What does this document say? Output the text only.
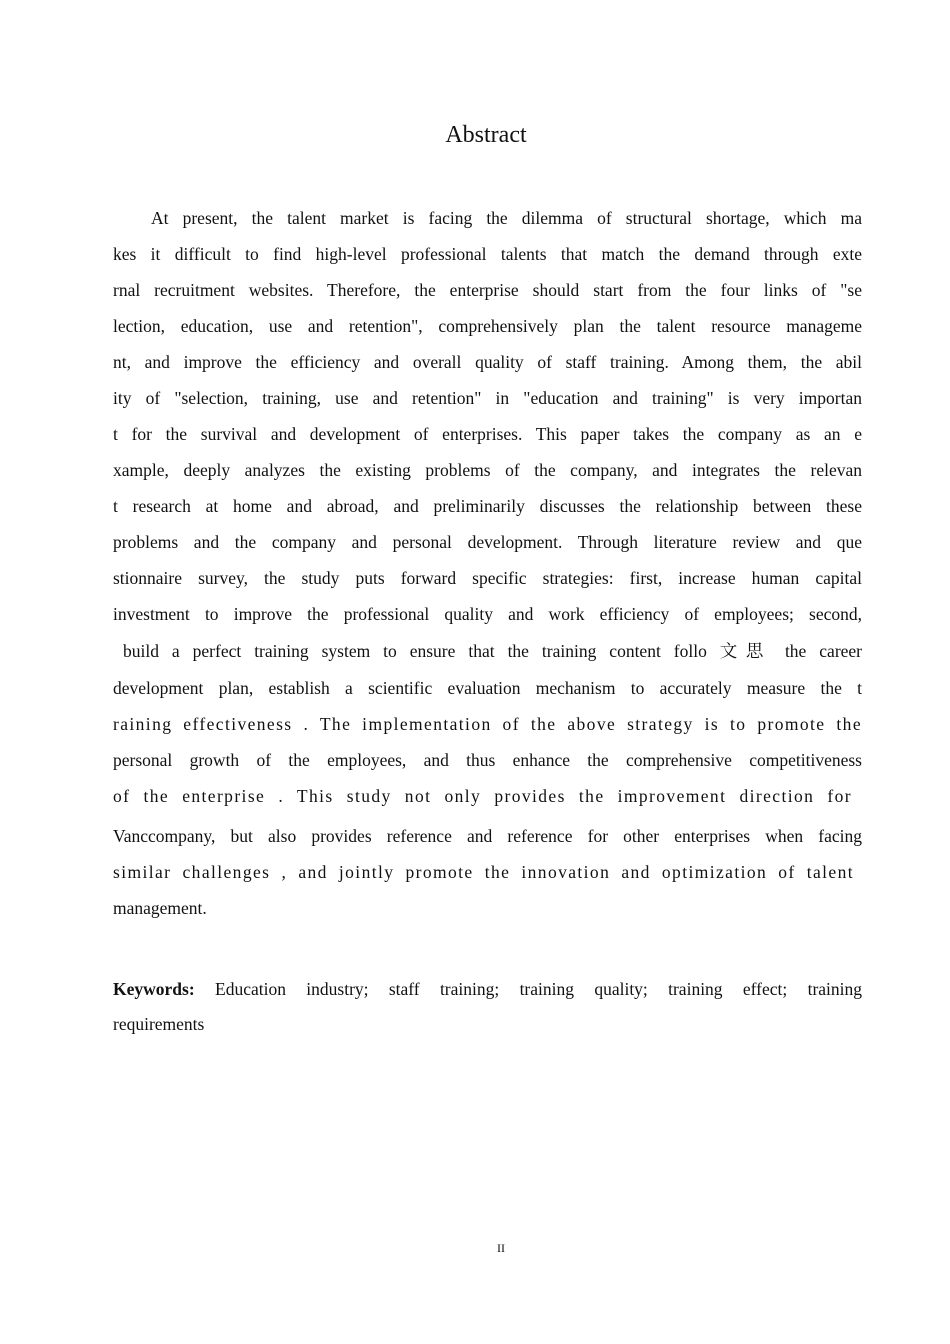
Abstract
At present, the talent market is facing the dilemma of structural shortage, which ma
kes it difficult to find high-level professional talents that match the demand through exte
rnal recruitment websites. Therefore, the enterprise should start from the four links of "se
lection, education, use and retention", comprehensively plan the talent resource manageme
nt, and improve the efficiency and overall quality of staff training. Among them, the abil
ity of "selection, training, use and retention" in "education and training" is very importan
t for the survival and development of enterprises. This paper takes the company as an e
xample, deeply analyzes the existing problems of the company, and integrates the relevan
t research at home and abroad, and preliminarily discusses the relationship between these
problems and the company and personal development. Through literature review and que
stionnaire survey, the study puts forward specific strategies: first, increase human capital
investment to improve the professional quality and work efficiency of employees; second,
build a perfect training system to ensure that the training content follo 文思 the career
development plan, establish a scientific evaluation mechanism to accurately measure the t
raining effectiveness . The implementation of the above strategy is to promote the
personal growth of the employees, and thus enhance the comprehensive competitiveness
of the enterprise . This study not only provides the improvement direction for
Vanccompany, but also provides reference and reference for other enterprises when facing
similar challenges , and jointly promote the innovation and optimization of talent
management.
Keywords: Education industry; staff training; training quality; training effect; training
requirements
II
